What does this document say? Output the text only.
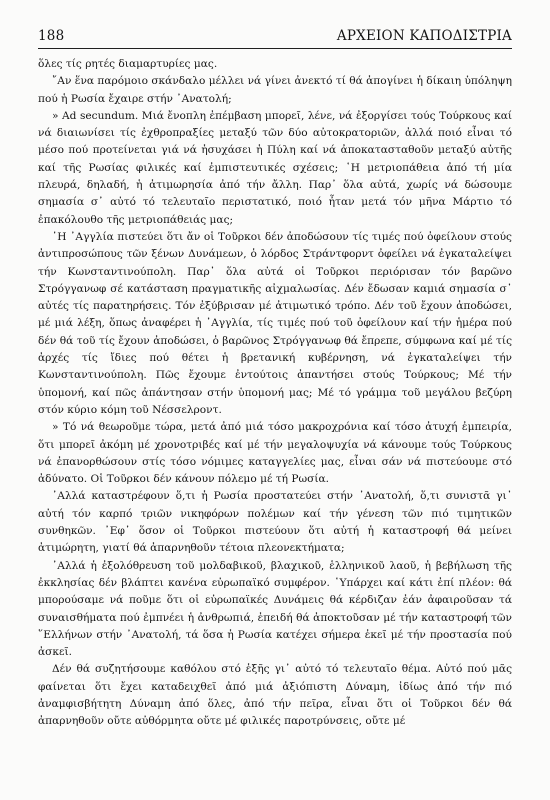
188	ΑΡΧΕΙΟΝ ΚΑΠΟΔΙΣΤΡΙΑ

ὅλες τίς ρητές διαμαρτυρίες μας.

῎Αν ἕνα παρόμοιο σκάνδαλο μέλλει νά γίνει ἀνεκτό τί θά ἀπογίνει ἡ δίκαιη ὑπόληψη πού ἡ Ρωσία ἔχαιρε στήν ᾿Ανατολή;

» Ad secundum. Μιά ἔνοπλη ἐπέμβαση μπορεῖ, λένε, νά ἐξοργίσει τούς Τούρκους καί νά διαιωνίσει τίς ἐχθροπραξίες μεταξύ τῶν δύο αὐτοκρατοριῶν, ἀλλά ποιό εἶναι τό μέσο πού προτείνεται γιά νά ἡσυχάσει ἡ Πύλη καί νά ἀποκατασταθοῦν μεταξύ αὐτῆς καί τῆς Ρωσίας φιλικές καί ἐμπιστευτικές σχέσεις; ῾Η μετριοπάθεια ἀπό τή μία πλευρά, δηλαδή, ἡ ἀτιμωρησία ἀπό τήν ἄλλη. Παρ᾽ ὅλα αὐτά, χωρίς νά δώσουμε σημασία σ᾽ αὐτό τό τελευταῖο περιστατικό, ποιό ἦταν μετά τόν μῆνα Μάρτιο τό ἐπακόλουθο τῆς μετριοπάθειάς μας;

῾Η ᾿Αγγλία πιστεύει ὅτι ἄν οἱ Τοῦρκοι δέν ἀποδώσουν τίς τιμές πού ὀφείλουν στούς ἀντιπροσώπους τῶν ξένων Δυνάμεων, ὁ λόρδος Στράντφορντ ὀφείλει νά ἐγκαταλείψει τήν Κωνσταντινούπολη. Παρ᾽ ὅλα αὐτά οἱ Τοῦρκοι περιόρισαν τόν βαρῶνο Στρόγγανωφ σέ κατάσταση πραγματικῆς αἰχμαλωσίας. Δέν ἔδωσαν καμιά σημασία σ᾽ αὐτές τίς παρατηρήσεις. Τόν ἐξύβρισαν μέ ἀτιμωτικό τρόπο. Δέν τοῦ ἔχουν ἀποδώσει, μέ μιά λέξη, ὅπως ἀναφέρει ἡ ᾿Αγγλία, τίς τιμές πού τοῦ ὀφείλουν καί τήν ἡμέρα πού δέν θά τοῦ τίς ἔχουν ἀποδώσει, ὁ βαρῶνος Στρόγγανωφ θά ἔπρεπε, σύμφωνα καί μέ τίς ἀρχές τίς ἴδιες πού θέτει ἡ βρετανική κυβέρνηση, νά ἐγκαταλείψει τήν Κωνσταντινούπολη. Πῶς ἔχουμε ἐντούτοις ἀπαντήσει στούς Τούρκους; Μέ τήν ὑπομονή, καί πῶς ἀπάντησαν στήν ὑπομονή μας; Μέ τό γράμμα τοῦ μεγάλου βεζύρη στόν κύριο κόμη τοῦ Νέσσελροντ.

» Τό νά θεωροῦμε τώρα, μετά ἀπό μιά τόσο μακροχρόνια καί τόσο ἀτυχή ἐμπειρία, ὅτι μπορεῖ ἀκόμη μέ χρονοτριβές καί μέ τήν μεγαλοψυχία νά κάνουμε τούς Τούρκους νά ἐπανορθώσουν στίς τόσο νόμιμες καταγγελίες μας, εἶναι σάν νά πιστεύουμε στό ἀδύνατο. Οἱ Τοῦρκοι δέν κάνουν πόλεμο μέ τή Ρωσία.

᾿Αλλά καταστρέφουν ὅ,τι ἡ Ρωσία προστατεύει στήν ᾿Ανατολή, ὅ,τι συνιστᾶ γι᾽ αὐτή τόν καρπό τριῶν νικηφόρων πολέμων καί τήν γένεση τῶν πιό τιμητικῶν συνθηκῶν. ᾿Εφ᾽ ὅσον οἱ Τοῦρκοι πιστεύουν ὅτι αὐτή ἡ καταστροφή θά μείνει ἀτιμώρητη, γιατί θά ἀπαρνηθοῦν τέτοια πλεονεκτήματα;

᾿Αλλά ἡ ἐξολόθρευση τοῦ μολδαβικοῦ, βλαχικοῦ, ἑλληνικοῦ λαοῦ, ἡ βεβήλωση τῆς ἐκκλησίας δέν βλάπτει κανένα εὐρωπαϊκό συμφέρον. ῾Υπάρχει καί κάτι ἐπί πλέον: θά μπορούσαμε νά ποῦμε ὅτι οἱ εὐρωπαϊκές Δυνάμεις θά κέρδιζαν ἐάν ἀφαιροῦσαν τά συναισθήματα πού ἐμπνέει ἡ ἀνθρωπιά, ἐπειδή θά ἀποκτοῦσαν μέ τήν καταστροφή τῶν ῞Ελλήνων στήν ᾿Ανατολή, τά ὅσα ἡ Ρωσία κατέχει σήμερα ἐκεῖ μέ τήν προστασία πού ἀσκεῖ.

Δέν θά συζητήσουμε καθόλου στό ἑξῆς γι᾽ αὐτό τό τελευταῖο θέμα. Αὐτό πού μᾶς φαίνεται ὅτι ἔχει καταδειχθεῖ ἀπό μιά ἀξιόπιστη Δύναμη, ἰδίως ἀπό τήν πιό ἀναμφισβήτητη Δύναμη ἀπό ὅλες, ἀπό τήν πεῖρα, εἶναι ὅτι οἱ Τοῦρκοι δέν θά ἀπαρνηθοῦν οὔτε αὐθόρμητα οὔτε μέ φιλικές παροτρύνσεις, οὔτε μέ
